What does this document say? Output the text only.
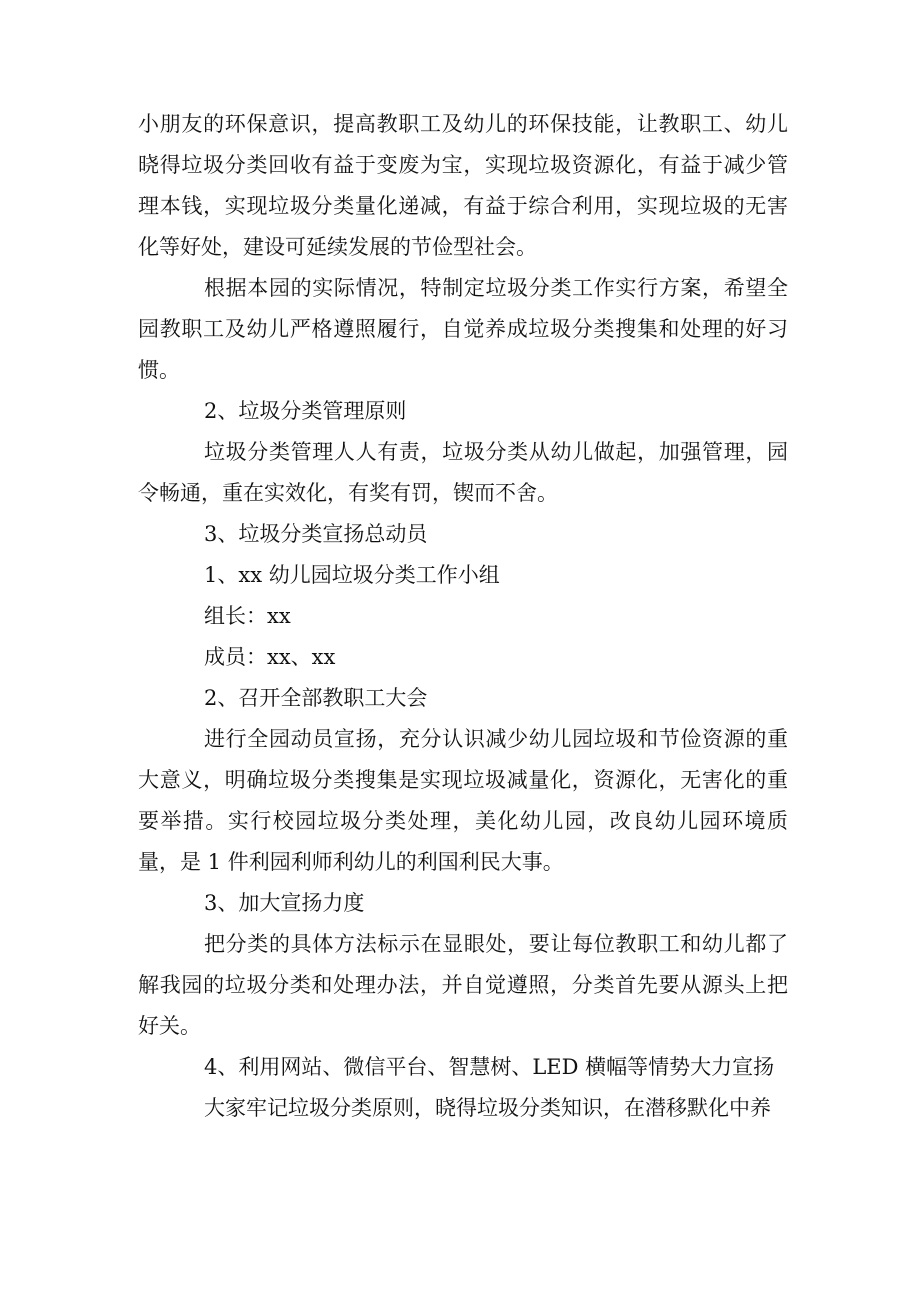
小朋友的环保意识，提高教职工及幼儿的环保技能，让教职工、幼儿晓得垃圾分类回收有益于变废为宝，实现垃圾资源化，有益于减少管理本钱，实现垃圾分类量化递减，有益于综合利用，实现垃圾的无害化等好处，建设可延续发展的节俭型社会。

根据本园的实际情况，特制定垃圾分类工作实行方案，希望全园教职工及幼儿严格遵照履行，自觉养成垃圾分类搜集和处理的好习惯。

2、垃圾分类管理原则

垃圾分类管理人人有责，垃圾分类从幼儿做起，加强管理，园令畅通，重在实效化，有奖有罚，锲而不舍。

3、垃圾分类宣扬总动员

1、xx 幼儿园垃圾分类工作小组

组长：xx

成员：xx、xx

2、召开全部教职工大会

进行全园动员宣扬，充分认识减少幼儿园垃圾和节俭资源的重大意义，明确垃圾分类搜集是实现垃圾减量化，资源化，无害化的重要举措。实行校园垃圾分类处理，美化幼儿园，改良幼儿园环境质量，是 1 件利园利师利幼儿的利国利民大事。

3、加大宣扬力度

把分类的具体方法标示在显眼处，要让每位教职工和幼儿都了解我园的垃圾分类和处理办法，并自觉遵照，分类首先要从源头上把好关。

4、利用网站、微信平台、智慧树、LED 横幅等情势大力宣扬

大家牢记垃圾分类原则，晓得垃圾分类知识，在潜移默化中养
